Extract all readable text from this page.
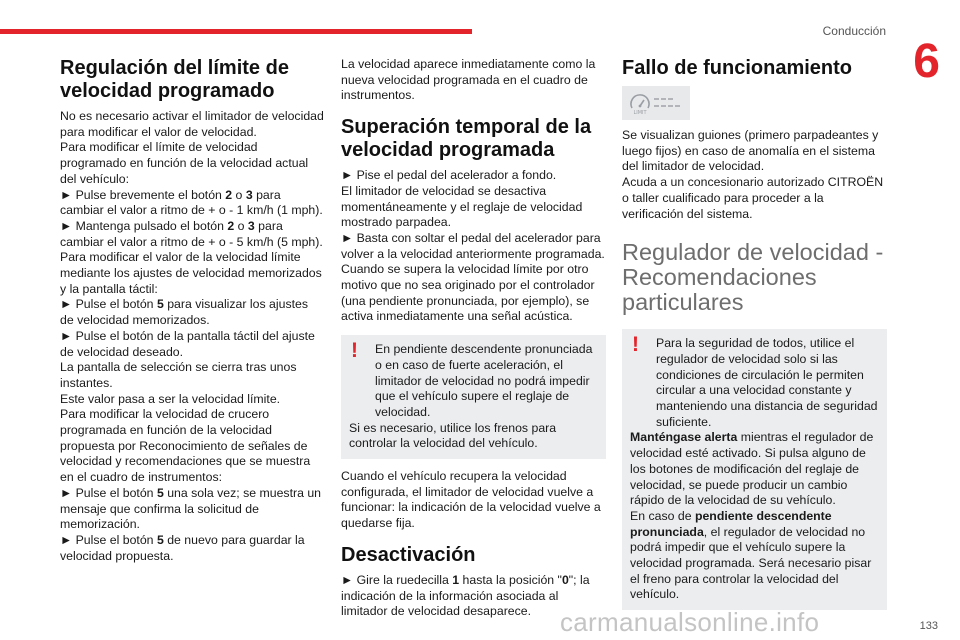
Conducción
6
Regulación del límite de velocidad programado

No es necesario activar el limitador de velocidad para modificar el valor de velocidad.

Para modificar el límite de velocidad programado en función de la velocidad actual del vehículo:

► Pulse brevemente el botón 2 o 3 para cambiar el valor a ritmo de + o - 1 km/h (1 mph).

► Mantenga pulsado el botón 2 o 3 para cambiar el valor a ritmo de + o - 5 km/h (5 mph).

Para modificar el valor de la velocidad límite mediante los ajustes de velocidad memorizados y la pantalla táctil:

► Pulse el botón 5 para visualizar los ajustes de velocidad memorizados.

► Pulse el botón de la pantalla táctil del ajuste de velocidad deseado.

La pantalla de selección se cierra tras unos instantes.

Este valor pasa a ser la velocidad límite.

Para modificar la velocidad de crucero programada en función de la velocidad propuesta por Reconocimiento de señales de velocidad y recomendaciones que se muestra en el cuadro de instrumentos:

► Pulse el botón 5 una sola vez; se muestra un mensaje que confirma la solicitud de memorización.

► Pulse el botón 5 de nuevo para guardar la velocidad propuesta.

La velocidad aparece inmediatamente como la nueva velocidad programada en el cuadro de instrumentos.

Superación temporal de la velocidad programada

► Pise el pedal del acelerador a fondo.

El limitador de velocidad se desactiva momentáneamente y el reglaje de velocidad mostrado parpadea.

► Basta con soltar el pedal del acelerador para volver a la velocidad anteriormente programada.

Cuando se supera la velocidad límite por otro motivo que no sea originado por el controlador (una pendiente pronunciada, por ejemplo), se activa inmediatamente una señal acústica.

!	En pendiente descendente pronunciada o en caso de fuerte aceleración, el limitador de velocidad no podrá impedir que el vehículo supere el reglaje de velocidad.

Si es necesario, utilice los frenos para controlar la velocidad del vehículo.

Cuando el vehículo recupera la velocidad configurada, el limitador de velocidad vuelve a funcionar: la indicación de la velocidad vuelve a quedarse fija.

Desactivación

► Gire la ruedecilla 1 hasta la posición "0"; la indicación de la información asociada al limitador de velocidad desaparece.

Fallo de funcionamiento
LIMIT

Se visualizan guiones (primero parpadeantes y luego fijos) en caso de anomalía en el sistema del limitador de velocidad.

Acuda a un concesionario autorizado CITROËN o taller cualificado para proceder a la verificación del sistema.

Regulador de velocidad - Recomendaciones particulares
!	Para la seguridad de todos, utilice el regulador de velocidad solo si las condiciones de circulación le permiten circular a una velocidad constante y manteniendo una distancia de seguridad suficiente.

Manténgase alerta mientras el regulador de velocidad esté activado. Si pulsa alguno de los botones de modificación del reglaje de velocidad, se puede producir un cambio rápido de la velocidad de su vehículo.

En caso de pendiente descendente pronunciada, el regulador de velocidad no podrá impedir que el vehículo supere la velocidad programada. Será necesario pisar el freno para controlar la velocidad del vehículo.

133
carmanualsonline.info
